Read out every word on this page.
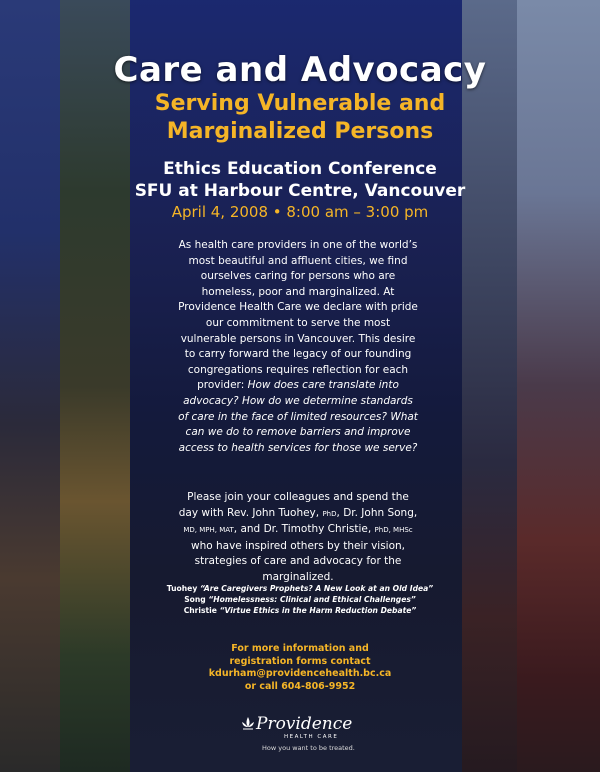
Care and Advocacy
Serving Vulnerable and
Marginalized Persons
Ethics Education Conference
SFU at Harbour Centre, Vancouver
April 4, 2008 • 8:00 am – 3:00 pm
As health care providers in one of the world’s most beautiful and affluent cities, we find ourselves caring for persons who are homeless, poor and marginalized. At Providence Health Care we declare with pride our commitment to serve the most vulnerable persons in Vancouver. This desire to carry forward the legacy of our founding congregations requires reflection for each provider: How does care translate into advocacy? How do we determine standards of care in the face of limited resources? What can we do to remove barriers and improve access to health services for those we serve?
Please join your colleagues and spend the day with Rev. John Tuohey, PhD, Dr. John Song, MD, MPH, MAT, and Dr. Timothy Christie, PhD, MHSc who have inspired others by their vision, strategies of care and advocacy for the marginalized.
Tuohey “Are Caregivers Prophets? A New Look at an Old Idea”
Song “Homelessness: Clinical and Ethical Challenges”
Christie “Virtue Ethics in the Harm Reduction Debate”
For more information and
registration forms contact
kdurham@providencehealth.bc.ca
or call 604-806-9952
Providence
HEALTH CARE
How you want to be treated.
